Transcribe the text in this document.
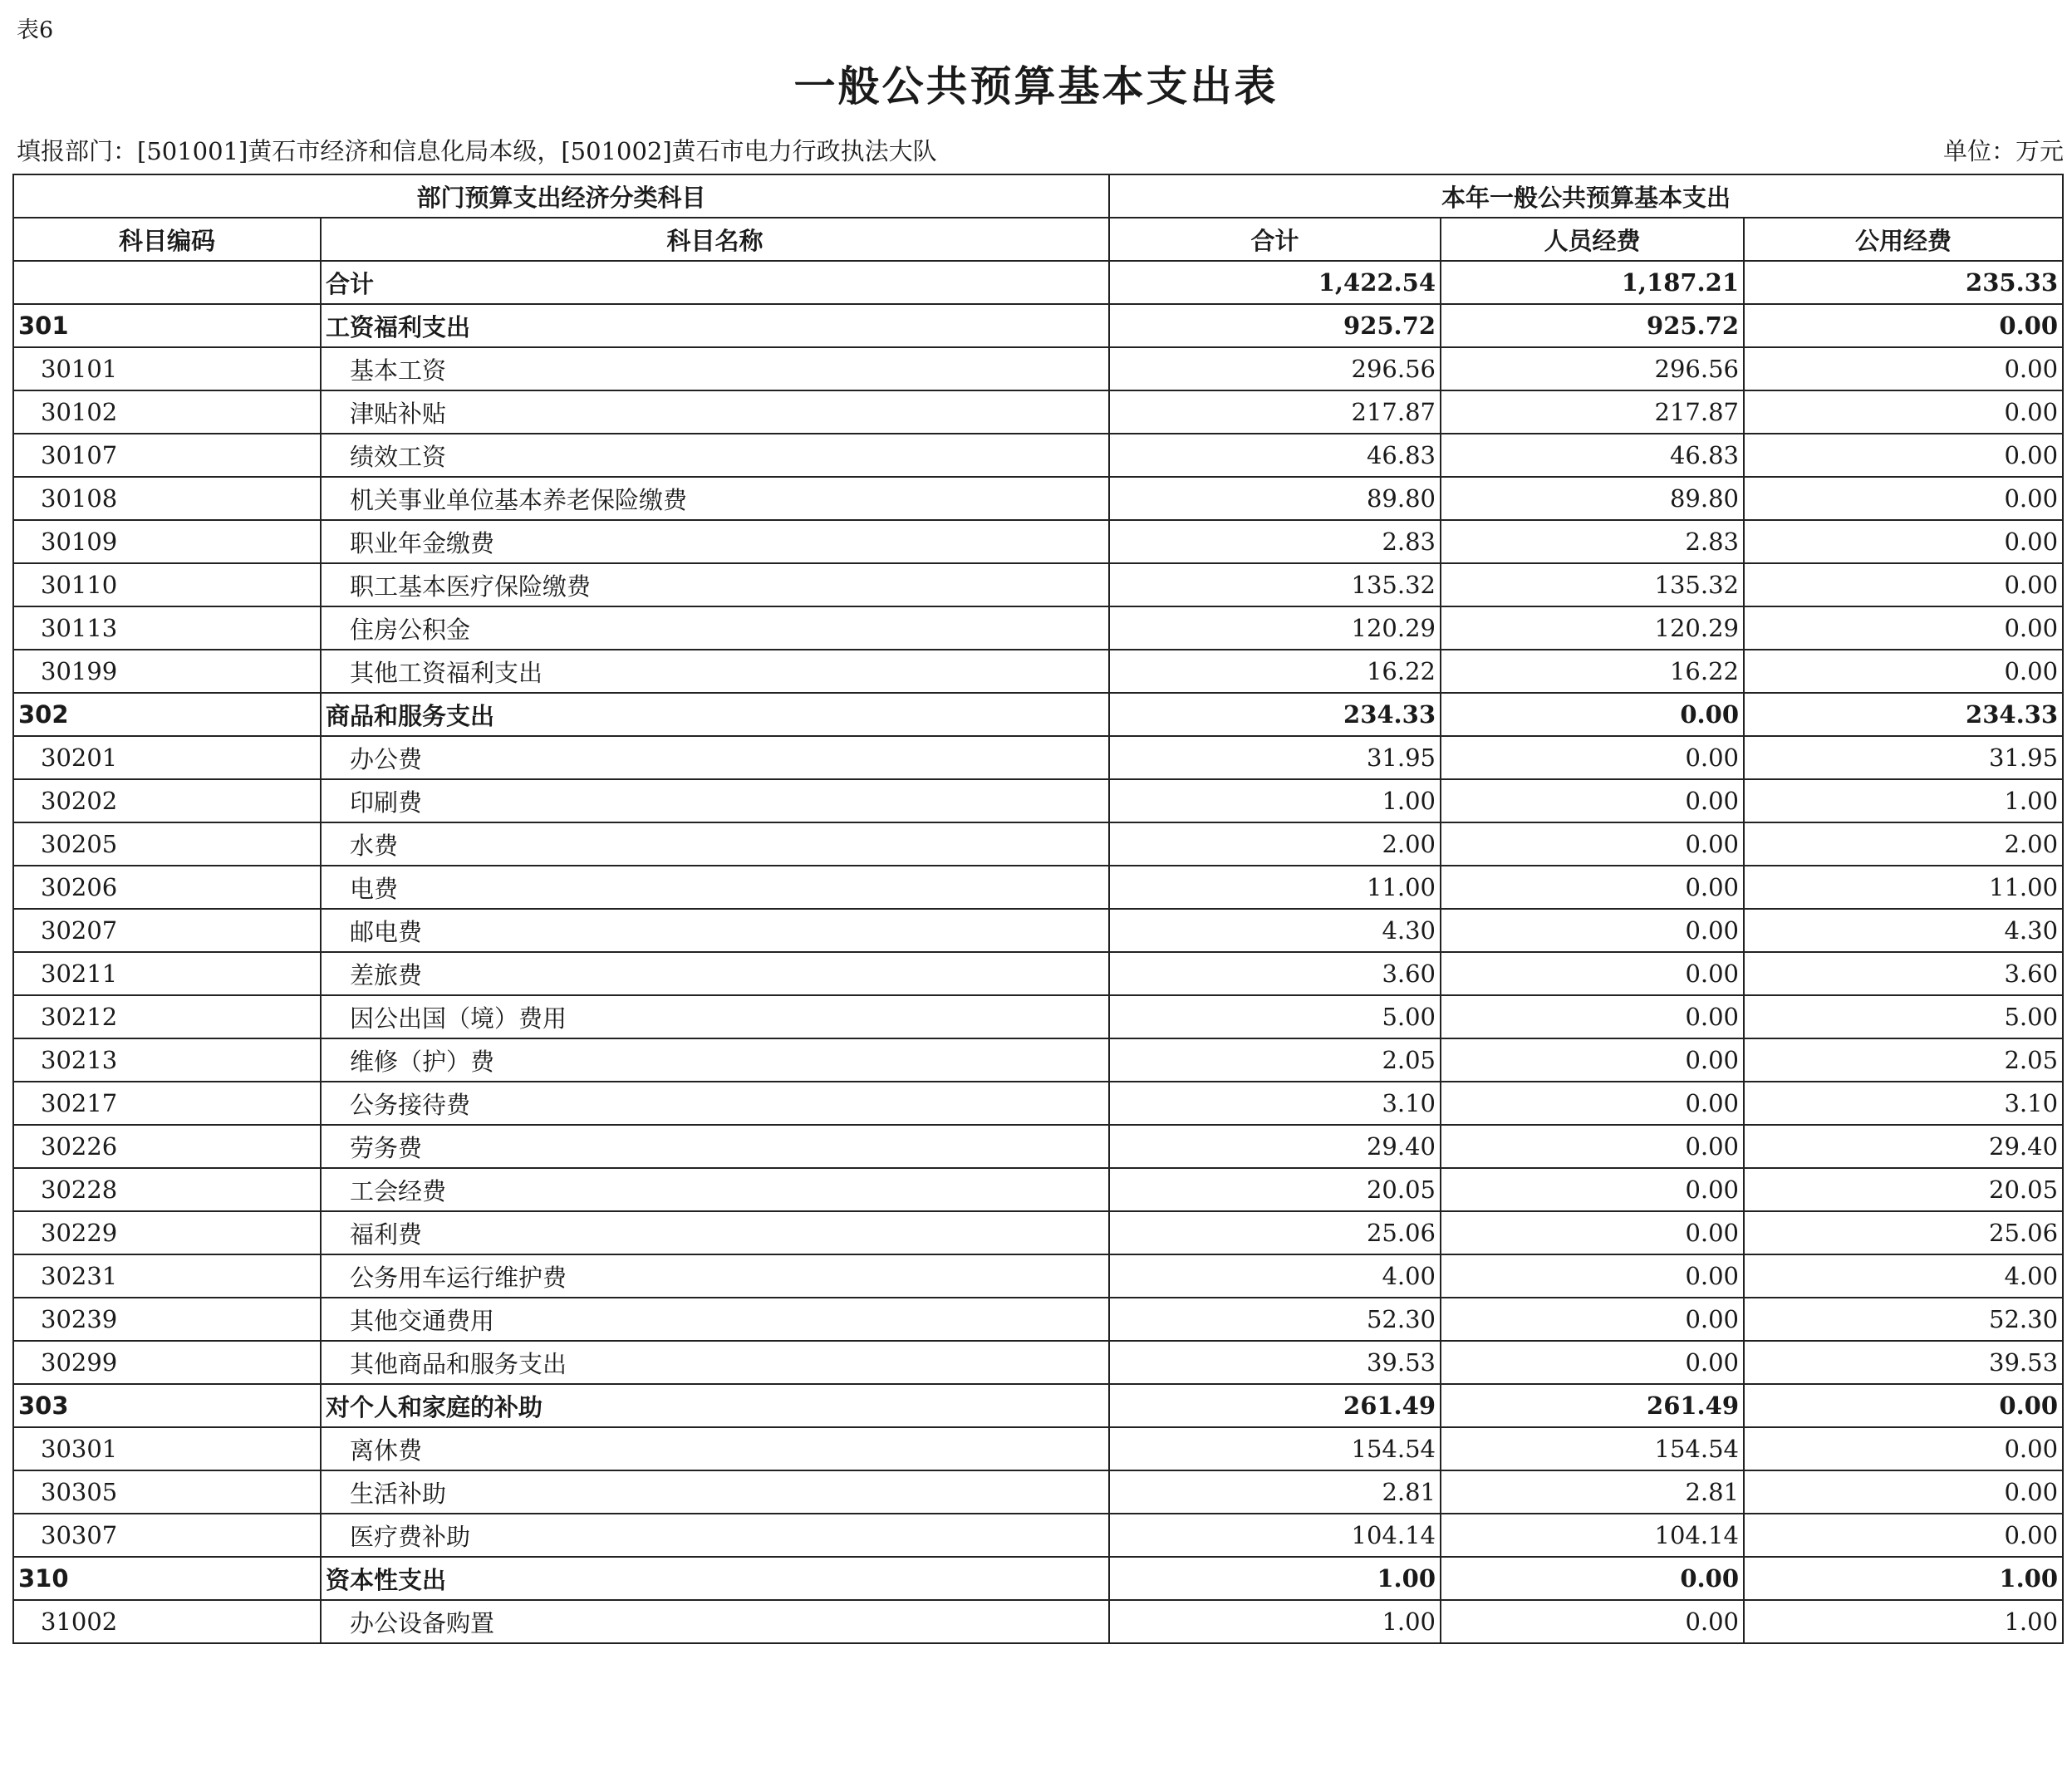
表6
一般公共预算基本支出表
填报部门：[501001]黄石市经济和信息化局本级，[501002]黄石市电力行政执法大队	单位：万元
部门预算支出经济分类科目		本年一般公共预算基本支出		
科目编码	科目名称	合计	人员经费	公用经费
	合计	1,422.54	1,187.21	235.33
301	工资福利支出	925.72	925.72	0.00
30101	基本工资	296.56	296.56	0.00
30102	津贴补贴	217.87	217.87	0.00
30107	绩效工资	46.83	46.83	0.00
30108	机关事业单位基本养老保险缴费	89.80	89.80	0.00
30109	职业年金缴费	2.83	2.83	0.00
30110	职工基本医疗保险缴费	135.32	135.32	0.00
30113	住房公积金	120.29	120.29	0.00
30199	其他工资福利支出	16.22	16.22	0.00
302	商品和服务支出	234.33	0.00	234.33
30201	办公费	31.95	0.00	31.95
30202	印刷费	1.00	0.00	1.00
30205	水费	2.00	0.00	2.00
30206	电费	11.00	0.00	11.00
30207	邮电费	4.30	0.00	4.30
30211	差旅费	3.60	0.00	3.60
30212	因公出国（境）费用	5.00	0.00	5.00
30213	维修（护）费	2.05	0.00	2.05
30217	公务接待费	3.10	0.00	3.10
30226	劳务费	29.40	0.00	29.40
30228	工会经费	20.05	0.00	20.05
30229	福利费	25.06	0.00	25.06
30231	公务用车运行维护费	4.00	0.00	4.00
30239	其他交通费用	52.30	0.00	52.30
30299	其他商品和服务支出	39.53	0.00	39.53
303	对个人和家庭的补助	261.49	261.49	0.00
30301	离休费	154.54	154.54	0.00
30305	生活补助	2.81	2.81	0.00
30307	医疗费补助	104.14	104.14	0.00
310	资本性支出	1.00	0.00	1.00
31002	办公设备购置	1.00	0.00	1.00
